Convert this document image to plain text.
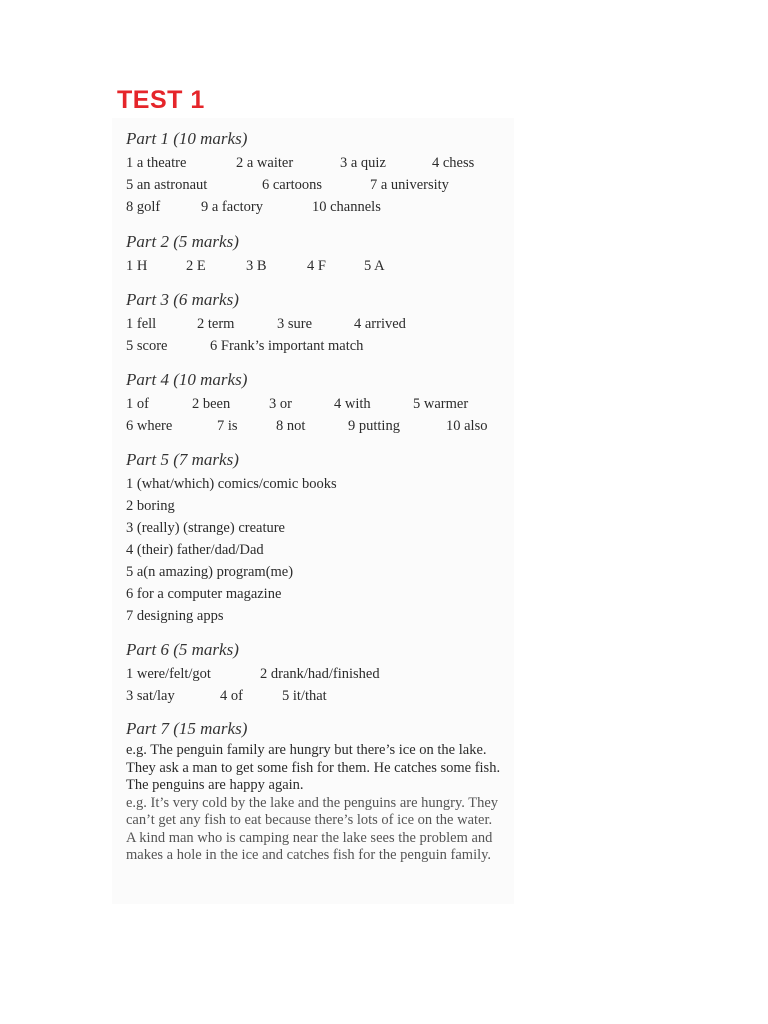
TEST 1

Part 1 (10 marks)

1 a theatre	2 a waiter	3 a quiz	4 chess
5 an astronaut	6 cartoons	7 a university
8 golf	9 a factory	10 channels

Part 2 (5 marks)

1 H	2 E	3 B	4 F	5 A

Part 3 (6 marks)

1 fell	2 term	3 sure	4 arrived
5 score	6 Frank’s important match

Part 4 (10 marks)

1 of	2 been	3 or	4 with	5 warmer
6 where	7 is	8 not	9 putting	10 also

Part 5 (7 marks)

1 (what/which) comics/comic books

2 boring

3 (really) (strange) creature

4 (their) father/dad/Dad

5 a(n amazing) program(me)

6 for a computer magazine

7 designing apps

Part 6 (5 marks)

1 were/felt/got	2 drank/had/finished
3 sat/lay	4 of	5 it/that

Part 7 (15 marks)

e.g. The penguin family are hungry but there’s ice on the lake. They ask a man to get some fish for them. He catches some fish. The penguins are happy again.

e.g. It’s very cold by the lake and the penguins are hungry. They can’t get any fish to eat because there’s lots of ice on the water. A kind man who is camping near the lake sees the problem and makes a hole in the ice and catches fish for the penguin family.
